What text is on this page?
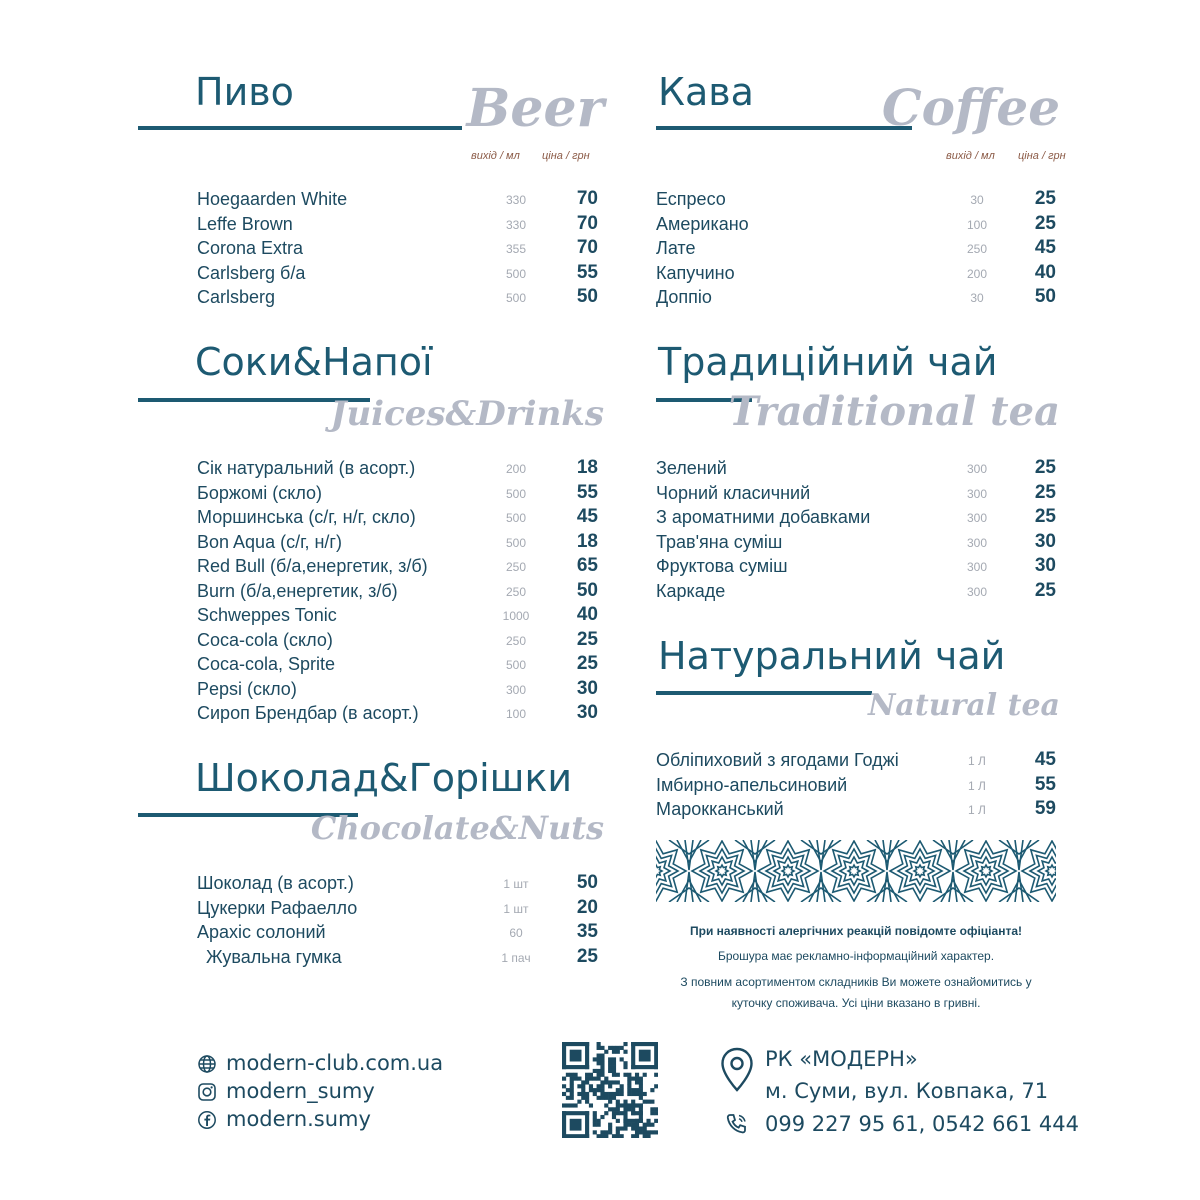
Пиво	Beer
вихід / мл ціна / грн
Кава	Coffee
вихід / мл ціна / грн
Соки&Напої
Juices&Drinks
Традиційний чай
Traditional tea
Натуральний чай
Natural tea
Шоколад&Горішки
Chocolate&Nuts
При наявності алергічних реакцій повідомте офіціанта!
Брошура має рекламно-інформаційний характер.
З повним асортиментом складників Ви можете ознайомитись у
куточку споживача. Усі ціни вказано в гривні.
modern-club.com.ua
modern_sumy
modern.sumy
РК «МОДЕРН»
м. Суми, вул. Ковпака, 71
099 227 95 61, 0542 661 444
Hoegaarden White	330	70
Leffe Brown	330	70
Corona Extra	355	70
Carlsberg б/а	500	55
Carlsberg	500	50
Еспресо	30	25
Американо	100	25
Лате	250	45
Капучино	200	40
Доппіо	30	50
Сік натуральний (в асорт.)	200	18
Боржомі (скло)	500	55
Моршинська (с/г, н/г, скло)	500	45
Bon Aqua (с/г, н/г)	500	18
Red Bull (б/а,енергетик, з/б)	250	65
Burn (б/а,енергетик, з/б)	250	50
Schweppes Tonic	1000	40
Coca-cola (скло)	250	25
Coca-cola, Sprite	500	25
Pepsi (скло)	300	30
Сироп Брендбар (в асорт.)	100	30
Зелений	300	25
Чорний класичний	300	25
З ароматними добавками	300	25
Трав'яна суміш	300	30
Фруктова суміш	300	30
Каркаде	300	25
Обліпиховий з ягодами Годжі	1 Л	45
Імбирно-апельсиновий	1 Л	55
Марокканський	1 Л	59
Шоколад (в асорт.)	1 шт	50
Цукерки Рафаелло	1 шт	20
Арахіс солоний	60	35
Жувальна гумка	1 пач	25
